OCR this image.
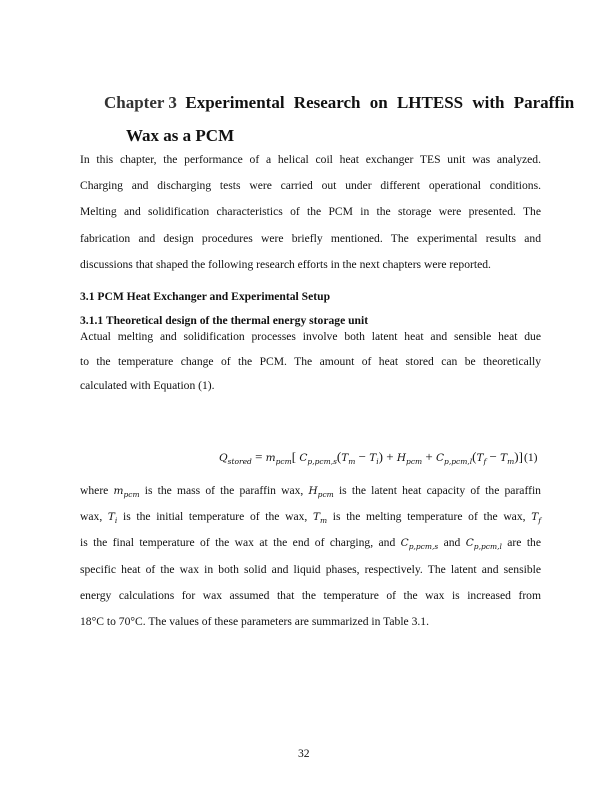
Chapter 3 Experimental Research on LHTESS with Paraffin
Wax as a PCM
In this chapter, the performance of a helical coil heat exchanger TES unit was analyzed.
Charging and discharging tests were carried out under different operational conditions.
Melting and solidification characteristics of the PCM in the storage were presented. The
fabrication and design procedures were briefly mentioned. The experimental results and
discussions that shaped the following research efforts in the next chapters were reported.
3.1 PCM Heat Exchanger and Experimental Setup
3.1.1 Theoretical design of the thermal energy storage unit
Actual melting and solidification processes involve both latent heat and sensible heat due
to the temperature change of the PCM. The amount of heat stored can be theoretically
calculated with Equation (1).
$Q_{stored} = m_{pcm}$[ $C_{p,pcm,s}(T_m - T_i) + H_{pcm} + C_{p,pcm,l}(T_f - T_m)$] (1)
where $m_{pcm}$ is the mass of the paraffin wax, $H_{pcm}$ is the latent heat capacity of the paraffin
wax, $T_i$ is the initial temperature of the wax, $T_m$ is the melting temperature of the wax, $T_f$
is the final temperature of the wax at the end of charging, and $C_{p,pcm,s}$ and $C_{p,pcm,l}$ are the
specific heat of the wax in both solid and liquid phases, respectively. The latent and sensible
energy calculations for wax assumed that the temperature of the wax is increased from
18°C to 70°C. The values of these parameters are summarized in Table 3.1.
32
